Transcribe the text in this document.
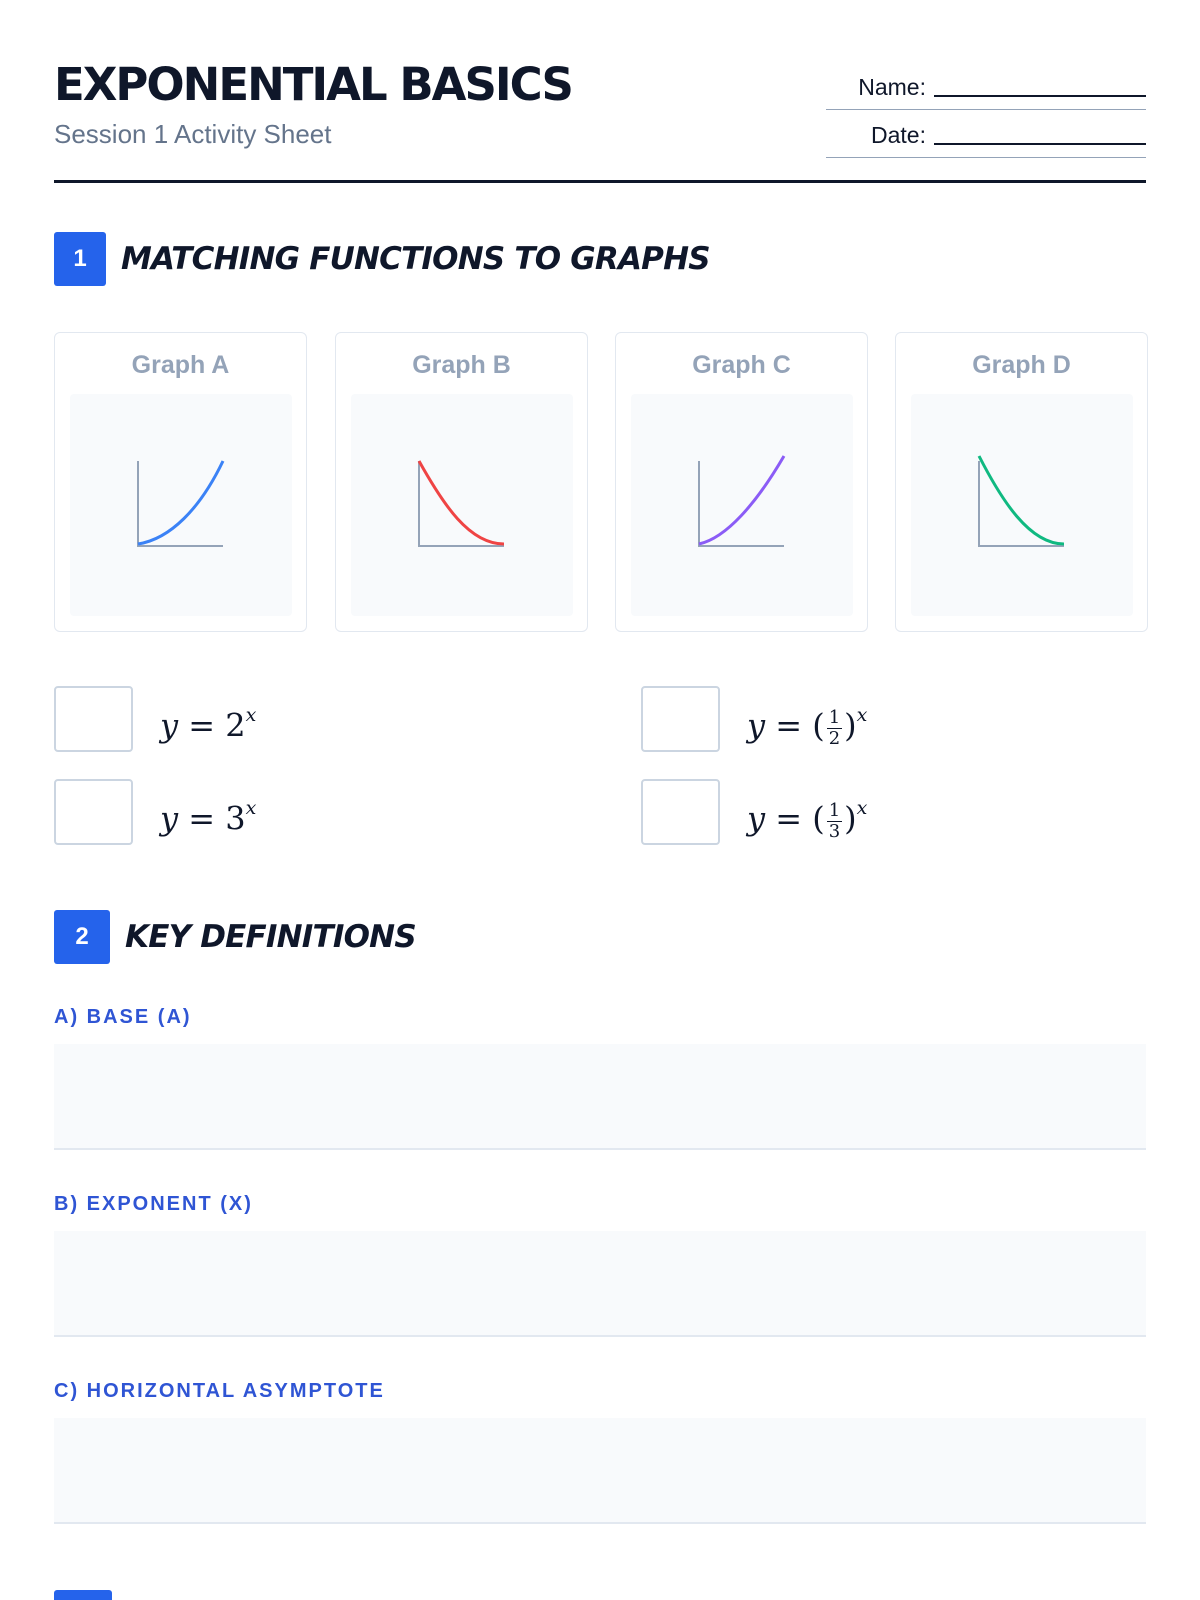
EXPONENTIAL BASICS
Session 1 Activity Sheet
Name:
Date:
1	MATCHING FUNCTIONS TO GRAPHS
Graph A	Graph B	Graph C	Graph D
$y = 2^x$	y = ( $\frac{1}{2} )^x$
$y = 3^x$	y = ( $\frac{1}{3} )^x$
2	KEY DEFINITIONS
A) BASE (A)
B) EXPONENT (X)
C) HORIZONTAL ASYMPTOTE
